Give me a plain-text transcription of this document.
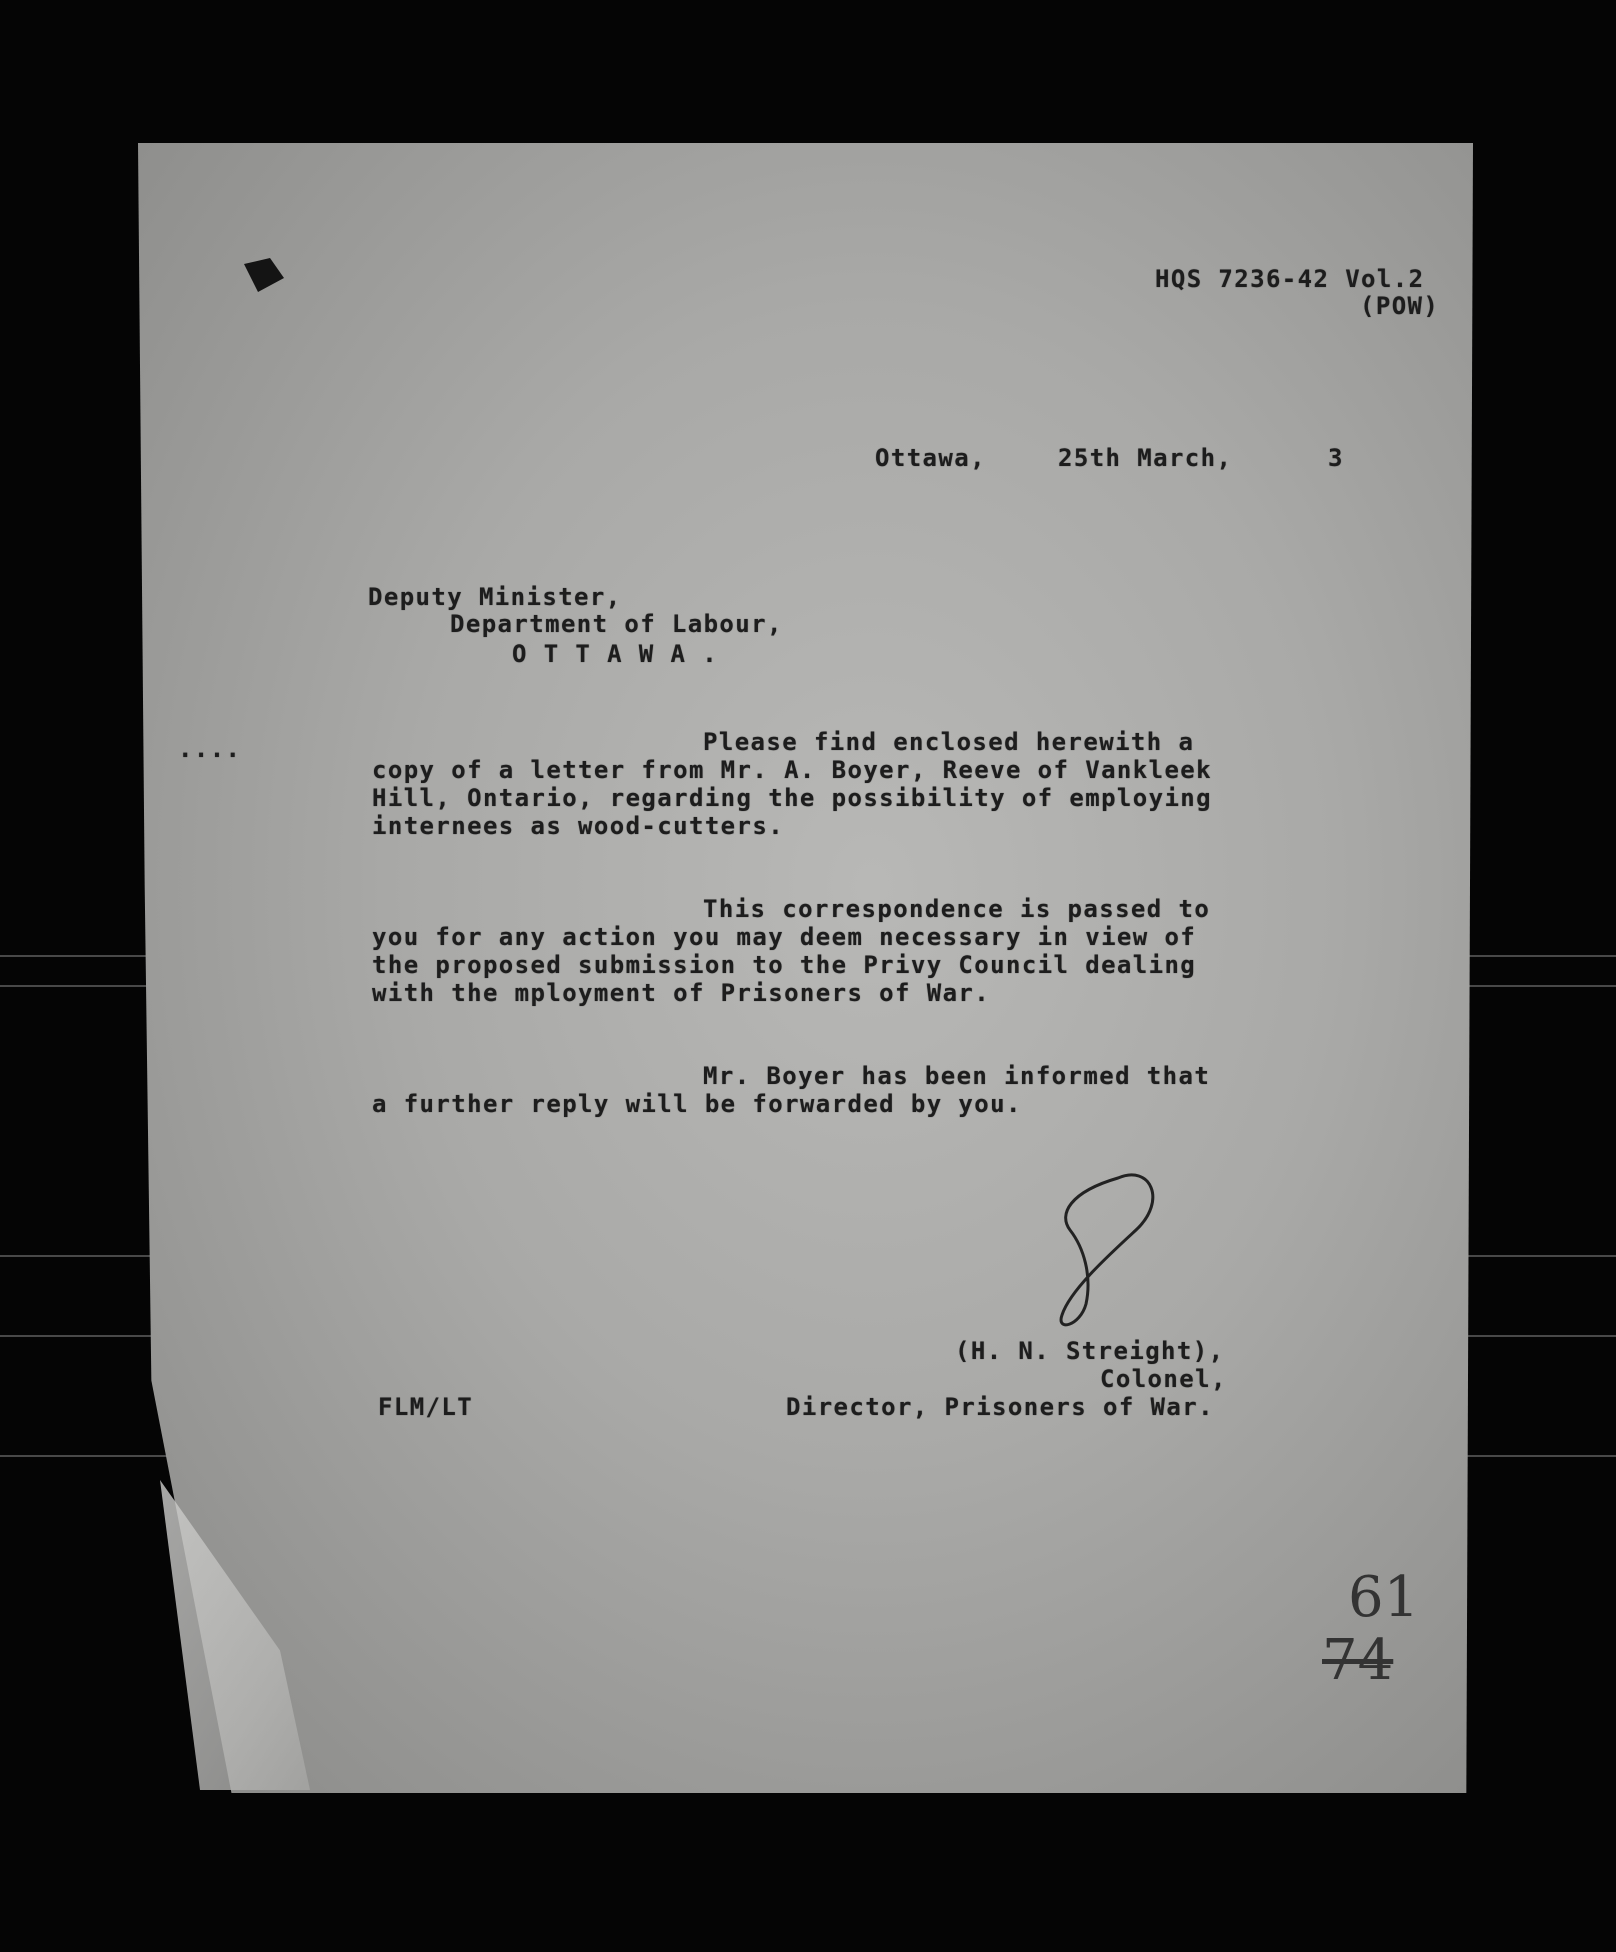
HQS 7236-42 Vol.2
(POW)
Ottawa,	25th March,	3
Deputy Minister,
Department of Labour,
O T T A W A .
....	Please find enclosed herewith a
copy of a letter from Mr. A. Boyer, Reeve of Vankleek
Hill, Ontario, regarding the possibility of employing
internees as wood-cutters.
This correspondence is passed to
you for any action you may deem necessary in view of
the proposed submission to the Privy Council dealing
with the mployment of Prisoners of War.
Mr. Boyer has been informed that
a further reply will be forwarded by you.
(H. N. Streight),
Colonel,
Director, Prisoners of War.
FLM/LT
61
74
